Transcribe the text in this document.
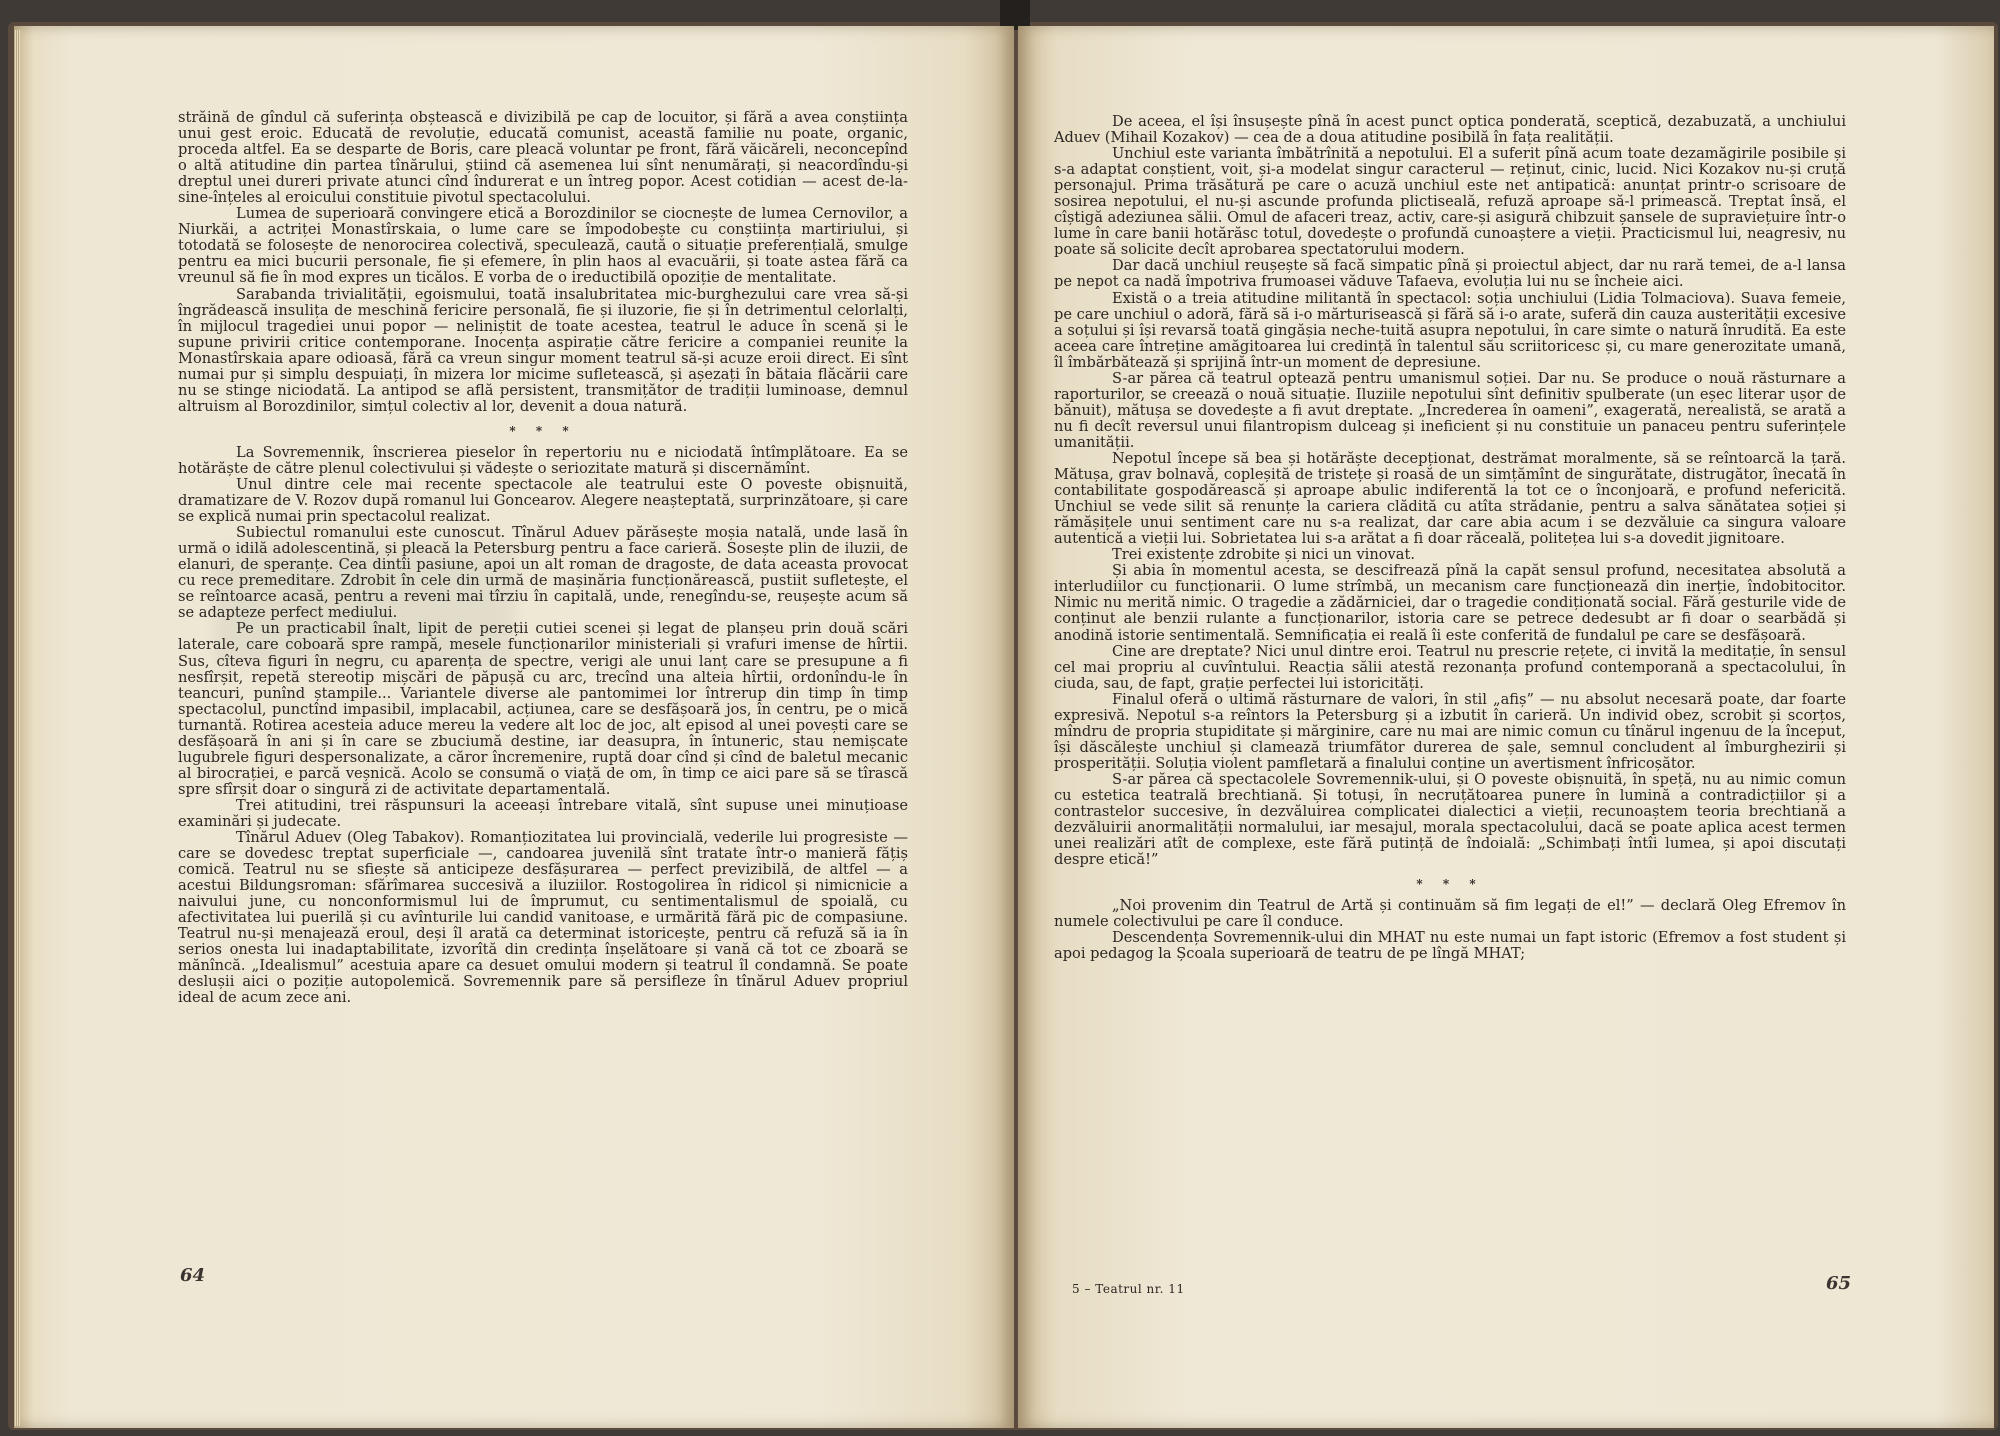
străină de gîndul că suferința obștească e divizibilă pe cap de locuitor, și fără a avea conștiința unui gest eroic. Educată de revoluție, educată comunist, această familie nu poate, organic, proceda altfel. Ea se desparte de Boris, care pleacă voluntar pe front, fără văicăreli, neconcepînd o altă atitudine din partea tînărului, știind că asemenea lui sînt nenumărați, și neacordîndu-și dreptul unei dureri private atunci cînd îndurerat e un întreg popor. Acest cotidian — acest de-la-sine-înțeles al eroicului constituie pivotul spectacolului.

Lumea de superioară convingere etică a Borozdinilor se ciocnește de lumea Cernovilor, a Niurkăi, a actriței Monastîrskaia, o lume care se împodobește cu conștiința martiriului, și totodată se folosește de nenorocirea colectivă, speculează, caută o situație preferențială, smulge pentru ea mici bucurii personale, fie și efemere, în plin haos al evacuării, și toate astea fără ca vreunul să fie în mod expres un ticălos. E vorba de o ireductibilă opoziție de mentalitate.

Sarabanda trivialității, egoismului, toată insalubritatea mic-burghezului care vrea să-și îngrădească insulița de meschină fericire personală, fie și iluzorie, fie și în detrimentul celorlalți, în mijlocul tragediei unui popor — neliniștit de toate acestea, teatrul le aduce în scenă și le supune privirii critice contemporane. Inocența aspirație către fericire a companiei reunite la Monastîrskaia apare odioasă, fără ca vreun singur moment teatrul să-și acuze eroii direct. Ei sînt numai pur și simplu despuiați, în mizera lor micime sufletească, și așezați în bătaia flăcării care nu se stinge niciodată. La antipod se află persistent, transmițător de tradiții luminoase, demnul altruism al Borozdinilor, simțul colectiv al lor, devenit a doua natură.

* * *

La Sovremennik, înscrierea pieselor în repertoriu nu e niciodată întîmplătoare. Ea se hotărăște de către plenul colectivului și vădește o seriozitate matură și discernămînt.

Unul dintre cele mai recente spectacole ale teatrului este O poveste obișnuită, dramatizare de V. Rozov după romanul lui Goncearov. Alegere neașteptată, surprinzătoare, și care se explică numai prin spectacolul realizat.

Subiectul romanului este cunoscut. Tînărul Aduev părăsește moșia natală, unde lasă în urmă o idilă adolescentină, și pleacă la Petersburg pentru a face carieră. Sosește plin de iluzii, de elanuri, de speranțe. Cea dintîi pasiune, apoi un alt roman de dragoste, de data aceasta provocat cu rece premeditare. Zdrobit în cele din urmă de mașinăria funcționărească, pustiit sufletește, el se reîntoarce acasă, pentru a reveni mai tîrziu în capitală, unde, renegîndu-se, reușește acum să se adapteze perfect mediului.

Pe un practicabil înalt, lipit de pereții cutiei scenei și legat de planșeu prin două scări laterale, care coboară spre rampă, mesele funcționarilor ministeriali și vrafuri imense de hîrtii. Sus, cîteva figuri în negru, cu aparența de spectre, verigi ale unui lanț care se presupune a fi nesfîrșit, repetă stereotip mișcări de păpușă cu arc, trecînd una alteia hîrtii, ordonîndu-le în teancuri, punînd ștampile... Variantele diverse ale pantomimei lor întrerup din timp în timp spectacolul, punctînd impasibil, implacabil, acțiunea, care se desfășoară jos, în centru, pe o mică turnantă. Rotirea acesteia aduce mereu la vedere alt loc de joc, alt episod al unei povești care se desfășoară în ani și în care se zbuciumă destine, iar deasupra, în întuneric, stau nemișcate lugubrele figuri despersonalizate, a căror încremenire, ruptă doar cînd și cînd de baletul mecanic al birocrației, e parcă veșnică. Acolo se consumă o viață de om, în timp ce aici pare să se tîrască spre sfîrșit doar o singură zi de activitate departamentală.

Trei atitudini, trei răspunsuri la aceeași întrebare vitală, sînt supuse unei minuțioase examinări și judecate.

Tînărul Aduev (Oleg Tabakov). Romanțiozitatea lui provincială, vederile lui progresiste — care se dovedesc treptat superficiale —, candoarea juvenilă sînt tratate într-o manieră fățiș comică. Teatrul nu se sfiește să anticipeze desfășurarea — perfect previzibilă, de altfel — a acestui Bildungsroman: sfărîmarea succesivă a iluziilor. Rostogolirea în ridicol și nimicnicie a naivului june, cu nonconformismul lui de împrumut, cu sentimentalismul de spoială, cu afectivitatea lui puerilă și cu avînturile lui candid vanitoase, e urmărită fără pic de compasiune. Teatrul nu-și menajează eroul, deși îl arată ca determinat istoricește, pentru că refuză să ia în serios onesta lui inadaptabilitate, izvorîtă din credința înșelătoare și vană că tot ce zboară se mănîncă. „Idealismul” acestuia apare ca desuet omului modern și teatrul îl condamnă. Se poate deslușii aici o poziție autopolemică. Sovremennik pare să persifleze în tînărul Aduev propriul ideal de acum zece ani.

De aceea, el își însușește pînă în acest punct optica ponderată, sceptică, dezabuzată, a unchiului Aduev (Mihail Kozakov) — cea de a doua atitudine posibilă în fața realității.

Unchiul este varianta îmbătrînită a nepotului. El a suferit pînă acum toate dezamăgirile posibile și s-a adaptat conștient, voit, și-a modelat singur caracterul — reținut, cinic, lucid. Nici Kozakov nu-și cruță personajul. Prima trăsătură pe care o acuză unchiul este net antipatică: anunțat printr-o scrisoare de sosirea nepotului, el nu-și ascunde profunda plictiseală, refuză aproape să-l primească. Treptat însă, el cîștigă adeziunea sălii. Omul de afaceri treaz, activ, care-și asigură chibzuit șansele de supraviețuire într-o lume în care banii hotărăsc totul, dovedește o profundă cunoaștere a vieții. Practicismul lui, neagresiv, nu poate să solicite decît aprobarea spectatorului modern.

Dar dacă unchiul reușește să facă simpatic pînă și proiectul abject, dar nu rară temei, de a-l lansa pe nepot ca nadă împotriva frumoasei văduve Tafaeva, evoluția lui nu se încheie aici.

Există o a treia atitudine militantă în spectacol: soția unchiului (Lidia Tolmaciova). Suava femeie, pe care unchiul o adoră, fără să i-o mărturisească și fără să i-o arate, suferă din cauza austerității excesive a soțului și își revarsă toată gingășia neche-tuită asupra nepotului, în care simte o natură înrudită. Ea este aceea care întreține amăgitoarea lui credință în talentul său scriitoricesc și, cu mare generozitate umană, îl îmbărbătează și sprijină într-un moment de depresiune.

S-ar părea că teatrul optează pentru umanismul soției. Dar nu. Se produce o nouă răsturnare a raporturilor, se creează o nouă situație. Iluziile nepotului sînt definitiv spulberate (un eșec literar ușor de bănuit), mătușa se dovedește a fi avut dreptate. „Increderea în oameni”, exagerată, nerealistă, se arată a nu fi decît reversul unui filantropism dulceag și ineficient și nu constituie un panaceu pentru suferințele umanității.

Nepotul începe să bea și hotărăște decepționat, destrămat moralmente, să se reîntoarcă la țară. Mătușa, grav bolnavă, copleșită de tristețe și roasă de un simțămînt de singurătate, distrugător, înecată în contabilitate gospodărească și aproape abulic indiferentă la tot ce o înconjoară, e profund nefericită. Unchiul se vede silit să renunțe la cariera clădită cu atîta strădanie, pentru a salva sănătatea soției și rămășițele unui sentiment care nu s-a realizat, dar care abia acum i se dezvăluie ca singura valoare autentică a vieții lui. Sobrietatea lui s-a arătat a fi doar răceală, politețea lui s-a dovedit jignitoare.

Trei existențe zdrobite și nici un vinovat.

Și abia în momentul acesta, se descifrează pînă la capăt sensul profund, necesitatea absolută a interludiilor cu funcționarii. O lume strîmbă, un mecanism care funcționează din inerție, îndobitocitor. Nimic nu merită nimic. O tragedie a zădărniciei, dar o tragedie condiționată social. Fără gesturile vide de conținut ale benzii rulante a funcționarilor, istoria care se petrece dedesubt ar fi doar o searbădă și anodină istorie sentimentală. Semnificația ei reală îi este conferită de fundalul pe care se desfășoară.

Cine are dreptate? Nici unul dintre eroi. Teatrul nu prescrie rețete, ci invită la meditație, în sensul cel mai propriu al cuvîntului. Reacția sălii atestă rezonanța profund contemporană a spectacolului, în ciuda, sau, de fapt, grație perfectei lui istoricități.

Finalul oferă o ultimă răsturnare de valori, în stil „afiș” — nu absolut necesară poate, dar foarte expresivă. Nepotul s-a reîntors la Petersburg și a izbutit în carieră. Un individ obez, scrobit și scorțos, mîndru de propria stupiditate și mărginire, care nu mai are nimic comun cu tînărul ingenuu de la început, își dăscălește unchiul și clamează triumfător durerea de șale, semnul concludent al îmburghezirii și prosperității. Soluția violent pamfletară a finalului conține un avertisment înfricoșător.

S-ar părea că spectacolele Sovremennik-ului, și O poveste obișnuită, în speță, nu au nimic comun cu estetica teatrală brechtiană. Și totuși, în necruțătoarea punere în lumină a contradicțiilor și a contrastelor succesive, în dezvăluirea complicatei dialectici a vieții, recunoaștem teoria brechtiană a dezvăluirii anormalității normalului, iar mesajul, morala spectacolului, dacă se poate aplica acest termen unei realizări atît de complexe, este fără putință de îndoială: „Schimbați întîi lumea, și apoi discutați despre etică!”

* * *

„Noi provenim din Teatrul de Artă și continuăm să fim legați de el!” — declară Oleg Efremov în numele colectivului pe care îl conduce.

Descendența Sovremennik-ului din MHAT nu este numai un fapt istoric (Efremov a fost student și apoi pedagog la Școala superioară de teatru de pe lîngă MHAT;

64	65
5 – Teatrul nr. 11
